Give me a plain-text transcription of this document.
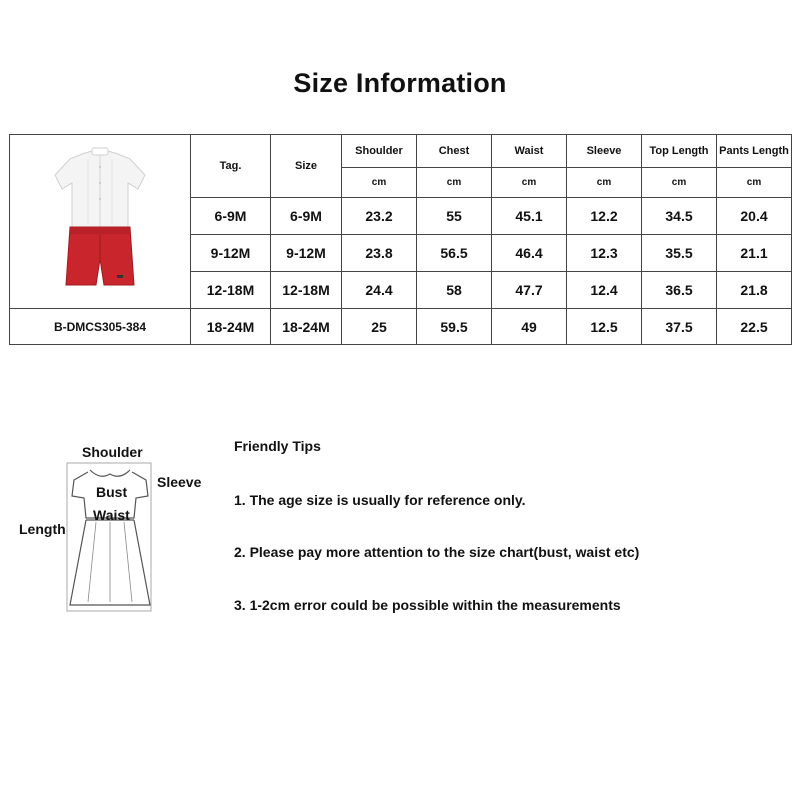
Size Information
	Tag.	Size	Shoulder	Chest	Waist	Sleeve	Top Length	Pants Length
			cm	cm	cm	cm	cm	cm
	6-9M	6-9M	23.2	55	45.1	12.2	34.5	20.4
	9-12M	9-12M	23.8	56.5	46.4	12.3	35.5	21.1
	12-18M	12-18M	24.4	58	47.7	12.4	36.5	21.8
B-DMCS305-384	18-24M	18-24M	25	59.5	49	12.5	37.5	22.5
Shoulder
Sleeve
Bust
Waist
Length
Friendly Tips
1. The age size is usually for reference only.
2. Please pay more attention to the size chart(bust, waist etc)
3. 1-2cm error could be possible within the measurements
